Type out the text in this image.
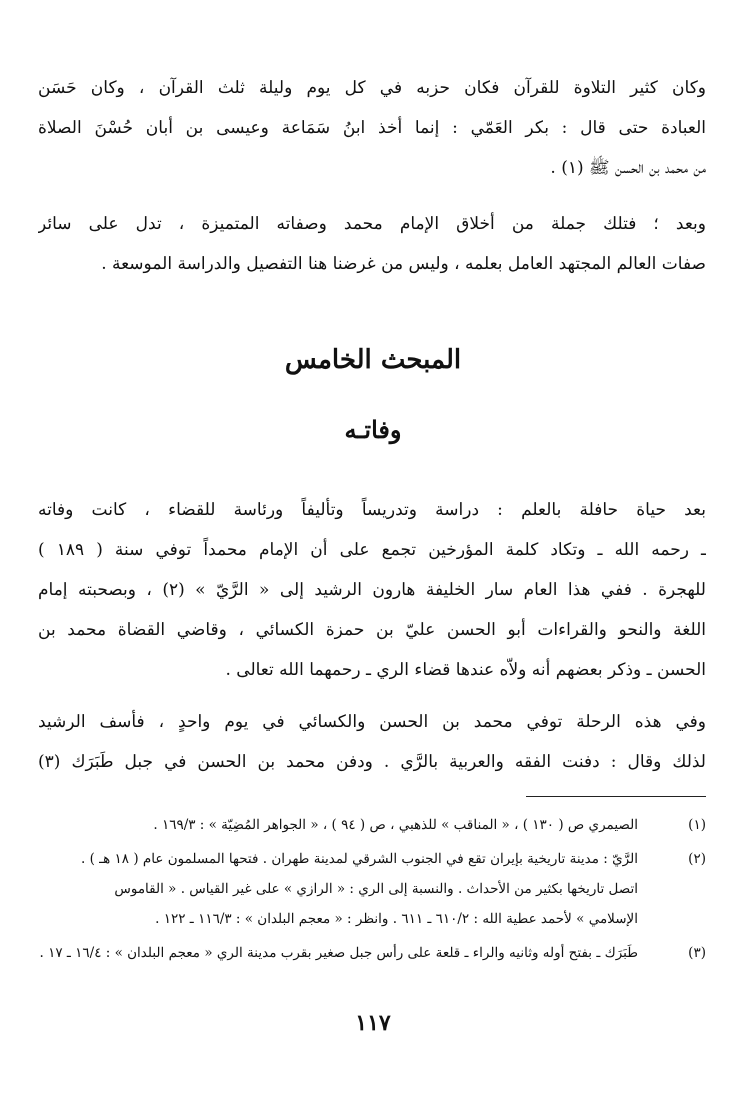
وكان كثير التلاوة للقرآن فكان حزبه في كل يوم وليلة ثلث القرآن ، وكان حَسَن
العبادة حتى قال : بكر العَمّي : إنما أخذ ابنُ سَمَاعة وعيسى بن أبان حُسْنَ الصلاة
من محمد بن الحسن ﷺ (١) .
وبعد ؛ فتلك جملة من أخلاق الإمام محمد وصفاته المتميزة ، تدل على سائر
صفات العالم المجتهد العامل بعلمه ، وليس من غرضنا هنا التفصيل والدراسة الموسعة .
المبحث الخامس
وفاتـه
بعد حياة حافلة بالعلم : دراسة وتدريساً وتأليفاً ورئاسة للقضاء ، كانت وفاته
ـ رحمه الله ـ وتكاد كلمة المؤرخين تجمع على أن الإمام محمداً توفي سنة ( ١٨٩ )
للهجرة . ففي هذا العام سار الخليفة هارون الرشيد إلى « الرَّيّ » (٢) ، وبصحبته إمام
اللغة والنحو والقراءات أبو الحسن عليّ بن حمزة الكسائي ، وقاضي القضاة محمد بن
الحسن ـ وذكر بعضهم أنه ولاّه عندها قضاء الري ـ رحمهما الله تعالى .
وفي هذه الرحلة توفي محمد بن الحسن والكسائي في يوم واحدٍ ، فأسف الرشيد
لذلك وقال : دفنت الفقه والعربية بالرَّي . ودفن محمد بن الحسن في جبل طَبَرَك (٣)
(١)
الصيمري ص ( ١٣٠ ) ، « المناقب » للذهبي ، ص ( ٩٤ ) ، « الجواهر المُضِيّة » : ١٦٩/٣ .
(٢)
الرَّيّ : مدينة تاريخية بإيران تقع في الجنوب الشرقي لمدينة طهران . فتحها المسلمون عام ( ١٨ هـ ) .
اتصل تاريخها بكثير من الأحداث . والنسبة إلى الري : « الرازي » على غير القياس . « القاموس
الإسلامي » لأحمد عطية الله : ٦١٠/٢ ـ ٦١١ . وانظر : « معجم البلدان » : ١١٦/٣ ـ ١٢٢ .
(٣)
طَبَرَك ـ بفتح أوله وثانيه والراء ـ قلعة على رأس جبل صغير بقرب مدينة الري « معجم البلدان » : ١٦/٤ ـ ١٧ .
١١٧
